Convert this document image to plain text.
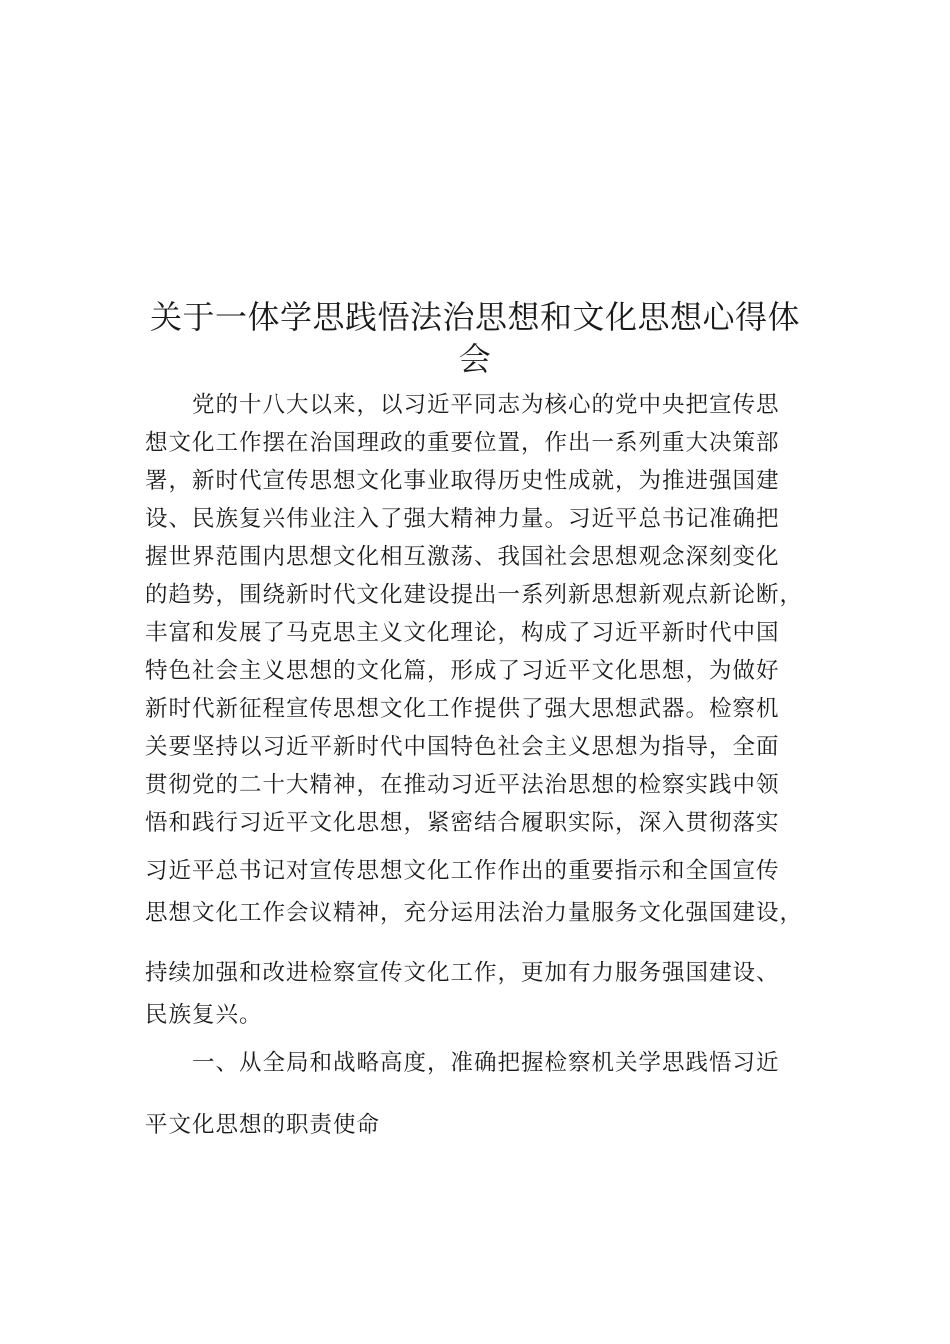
关于一体学思践悟法治思想和文化思想心得体
会
　　党的十八大以来，以习近平同志为核心的党中央把宣传思
想文化工作摆在治国理政的重要位置，作出一系列重大决策部
署，新时代宣传思想文化事业取得历史性成就，为推进强国建
设、民族复兴伟业注入了强大精神力量。习近平总书记准确把
握世界范围内思想文化相互激荡、我国社会思想观念深刻变化
的趋势，围绕新时代文化建设提出一系列新思想新观点新论断，
丰富和发展了马克思主义文化理论，构成了习近平新时代中国
特色社会主义思想的文化篇，形成了习近平文化思想，为做好
新时代新征程宣传思想文化工作提供了强大思想武器。检察机
关要坚持以习近平新时代中国特色社会主义思想为指导，全面
贯彻党的二十大精神，在推动习近平法治思想的检察实践中领
悟和践行习近平文化思想，紧密结合履职实际，深入贯彻落实
习近平总书记对宣传思想文化工作作出的重要指示和全国宣传
思想文化工作会议精神，充分运用法治力量服务文化强国建设，
持续加强和改进检察宣传文化工作，更加有力服务强国建设、
民族复兴。
　　一、从全局和战略高度，准确把握检察机关学思践悟习近
平文化思想的职责使命
